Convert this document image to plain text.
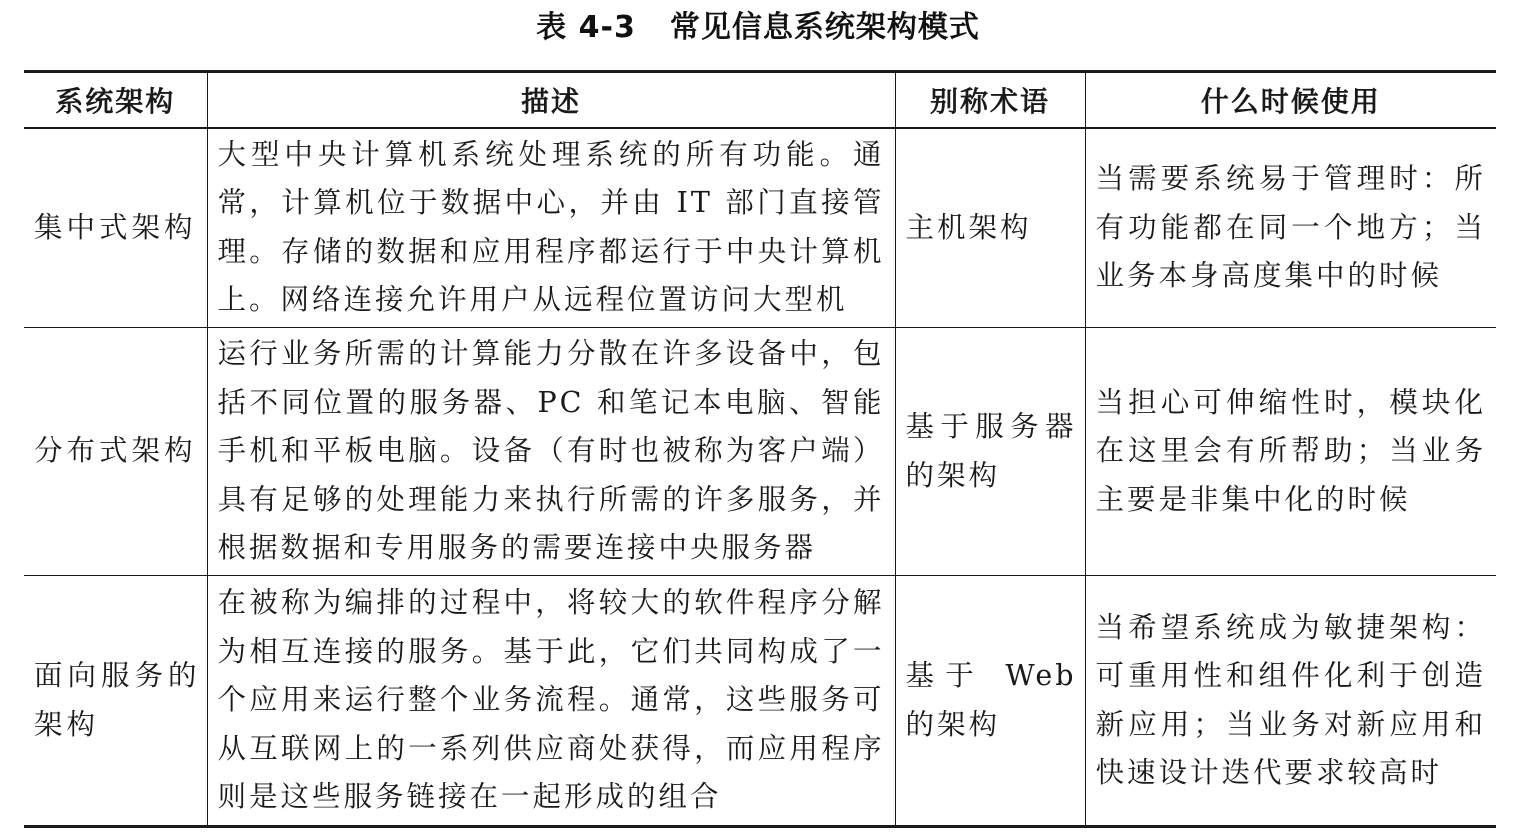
表 4-3 常见信息系统架构模式
系统架构	描述	别称术语	什么时候使用
集中式架构	大型中央计算机系统处理系统的所有功能。通常，计算机位于数据中心，并由 IT 部门直接管理。存储的数据和应用程序都运行于中央计算机上。网络连接允许用户从远程位置访问大型机	主机架构	当需要系统易于管理时：所有功能都在同一个地方；当业务本身高度集中的时候
分布式架构	运行业务所需的计算能力分散在许多设备中，包括不同位置的服务器、PC 和笔记本电脑、智能手机和平板电脑。设备（有时也被称为客户端）具有足够的处理能力来执行所需的许多服务，并根据数据和专用服务的需要连接中央服务器	基于服务器的架构	当担心可伸缩性时，模块化在这里会有所帮助；当业务主要是非集中化的时候
面向服务的架构	在被称为编排的过程中，将较大的软件程序分解为相互连接的服务。基于此，它们共同构成了一个应用来运行整个业务流程。通常，这些服务可从互联网上的一系列供应商处获得，而应用程序则是这些服务链接在一起形成的组合	基于 Web 的架构	当希望系统成为敏捷架构：可重用性和组件化利于创造新应用；当业务对新应用和快速设计迭代要求较高时
